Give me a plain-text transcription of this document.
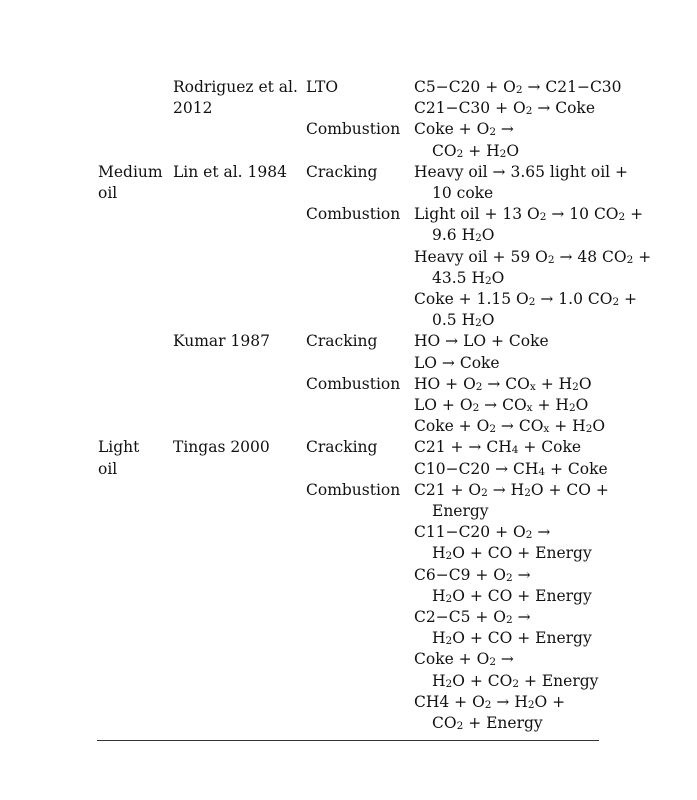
Rodriguez et al.
2012
LTO	$C5-C20 + O_2 \to C21-C30$
$C21-C30 + O_2$ → Coke
Combustion Coke + $O_2$ →
$CO_2 + H_2O$
Medium
oil
Lin et al. 1984 Cracking Heavy oil → 3.65 light oil +
10 coke
Combustion Light oil + 13 $O_2 \to 10$ $CO_2$ +
9.6 $H_2O$
Heavy oil + 59 $O_2 \to 48$ $CO_2$ +
43.5 $H_2O$
Coke + 1.15 $O_2 \to 1.0$ $CO_2$ +
0.5 $H_2O$
Kumar 1987 Cracking HO → LO + Coke
LO → Coke
Combustion HO + $O_2 \to CO_x + H_2O$
LO + $O_2 \to CO_x + H_2O$
Coke + $O_2 \to CO_x + H_2O$
Light
oil
Tingas 2000 Cracking C21 + → $CH_4$ + Coke
$C10-C20 \to CH_4$ + Coke
Combustion $C21 + O_2 \to H_2O$ + CO +
Energy
$C11-C20 + O_2$ →
$H_2O$ + CO + Energy
$C6-C9 + O_2$ →
$H_2O$ + CO + Energy
$C2-C5 + O_2$ →
$H_2O$ + CO + Energy
Coke + $O_2$ →
$H_2O + CO_2$ + Energy
$CH4 + O_2 \to H_2O$ +
$CO_2$ + Energy
